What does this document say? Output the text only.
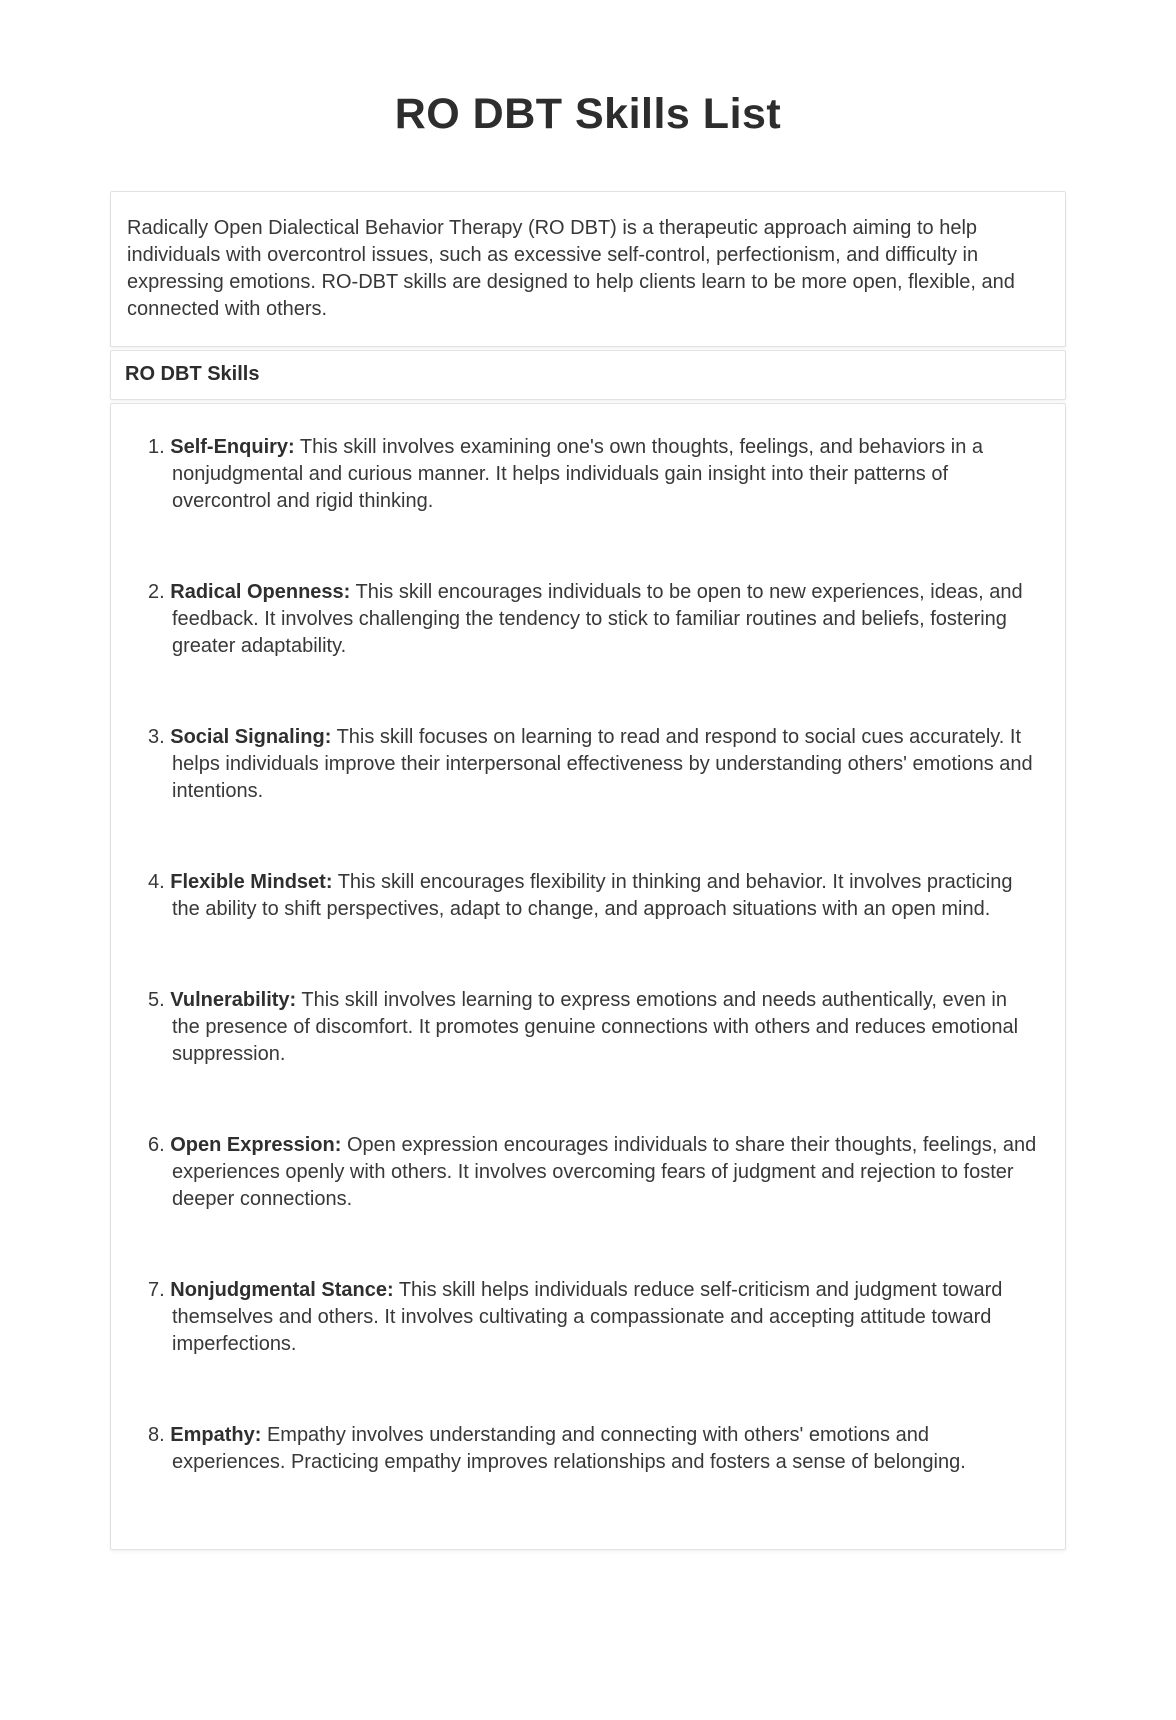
RO DBT Skills List

Radically Open Dialectical Behavior Therapy (RO DBT) is a therapeutic approach aiming to help individuals with overcontrol issues, such as excessive self-control, perfectionism, and difficulty in expressing emotions. RO-DBT skills are designed to help clients learn to be more open, flexible, and connected with others.

RO DBT Skills
1. Self-Enquiry: This skill involves examining one's own thoughts, feelings, and behaviors in a nonjudgmental and curious manner. It helps individuals gain insight into their patterns of overcontrol and rigid thinking.
2. Radical Openness: This skill encourages individuals to be open to new experiences, ideas, and feedback. It involves challenging the tendency to stick to familiar routines and beliefs, fostering greater adaptability.
3. Social Signaling: This skill focuses on learning to read and respond to social cues accurately. It helps individuals improve their interpersonal effectiveness by understanding others' emotions and intentions.
4. Flexible Mindset: This skill encourages flexibility in thinking and behavior. It involves practicing the ability to shift perspectives, adapt to change, and approach situations with an open mind.
5. Vulnerability: This skill involves learning to express emotions and needs authentically, even in the presence of discomfort. It promotes genuine connections with others and reduces emotional suppression.
6. Open Expression: Open expression encourages individuals to share their thoughts, feelings, and experiences openly with others. It involves overcoming fears of judgment and rejection to foster deeper connections.
7. Nonjudgmental Stance: This skill helps individuals reduce self-criticism and judgment toward themselves and others. It involves cultivating a compassionate and accepting attitude toward imperfections.
8. Empathy: Empathy involves understanding and connecting with others' emotions and experiences. Practicing empathy improves relationships and fosters a sense of belonging.
